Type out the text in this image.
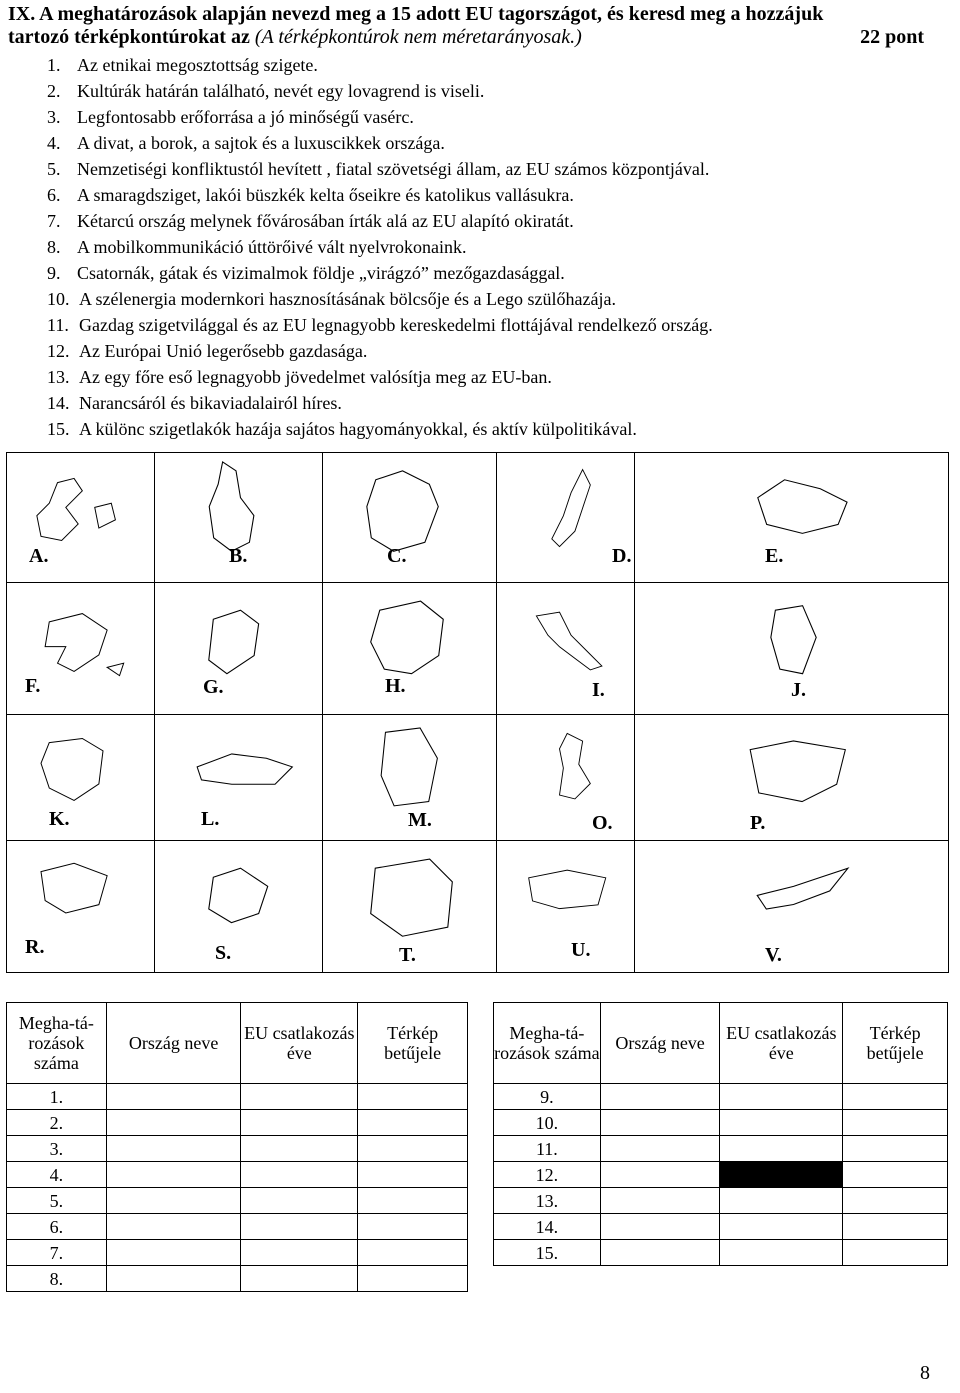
IX. A meghatározások alapján nevezd meg a 15 adott EU tagországot, és keresd meg a hozzájuk
tartozó térképkontúrokat az (A térképkontúrok nem méretarányosak.)	22 pont
1. Az etnikai megosztottság szigete.
2. Kultúrák határán található, nevét egy lovagrend is viseli.
3. Legfontosabb erőforrása a jó minőségű vasérc.
4. A divat, a borok, a sajtok és a luxuscikkek országa.
5. Nemzetiségi konfliktustól hevített , fiatal szövetségi állam, az EU számos központjával.
6. A smaragdsziget, lakói büszkék kelta őseikre és katolikus vallásukra.
7. Kétarcú ország melynek fővárosában írták alá az EU alapító okiratát.
8. A mobilkommunikáció úttörőivé vált nyelvrokonaink.
9. Csatornák, gátak és vizimalmok földje „virágzó” mezőgazdasággal.
10. A szélenergia modernkori hasznosításának bölcsője és a Lego szülőhazája.
11. Gazdag szigetvilággal és az EU legnagyobb kereskedelmi flottájával rendelkező ország.
12. Az Európai Unió legerősebb gazdasága.
13. Az egy főre eső legnagyobb jövedelmet valósítja meg az EU-ban.
14. Narancsáról és bikaviadalairól híres.
15. A különc szigetlakók hazája sajátos hagyományokkal, és aktív külpolitikával.
A.	B.	C.	D.	E.
F.	G.	H.	I.	J.
K.	L.	M.	O.	P.
R.	S.	T.	U.	V.
Megha-tá-rozások száma	Ország neve	EU csatlakozás éve	Térkép betűjele
1.			
2.			
3.			
4.			
5.			
6.			
7.			
8.			
Megha-tá-rozások száma	Ország neve	EU csatlakozás éve	Térkép betűjele
9.			
10.			
11.			
12.			
13.			
14.			
15.			
8
